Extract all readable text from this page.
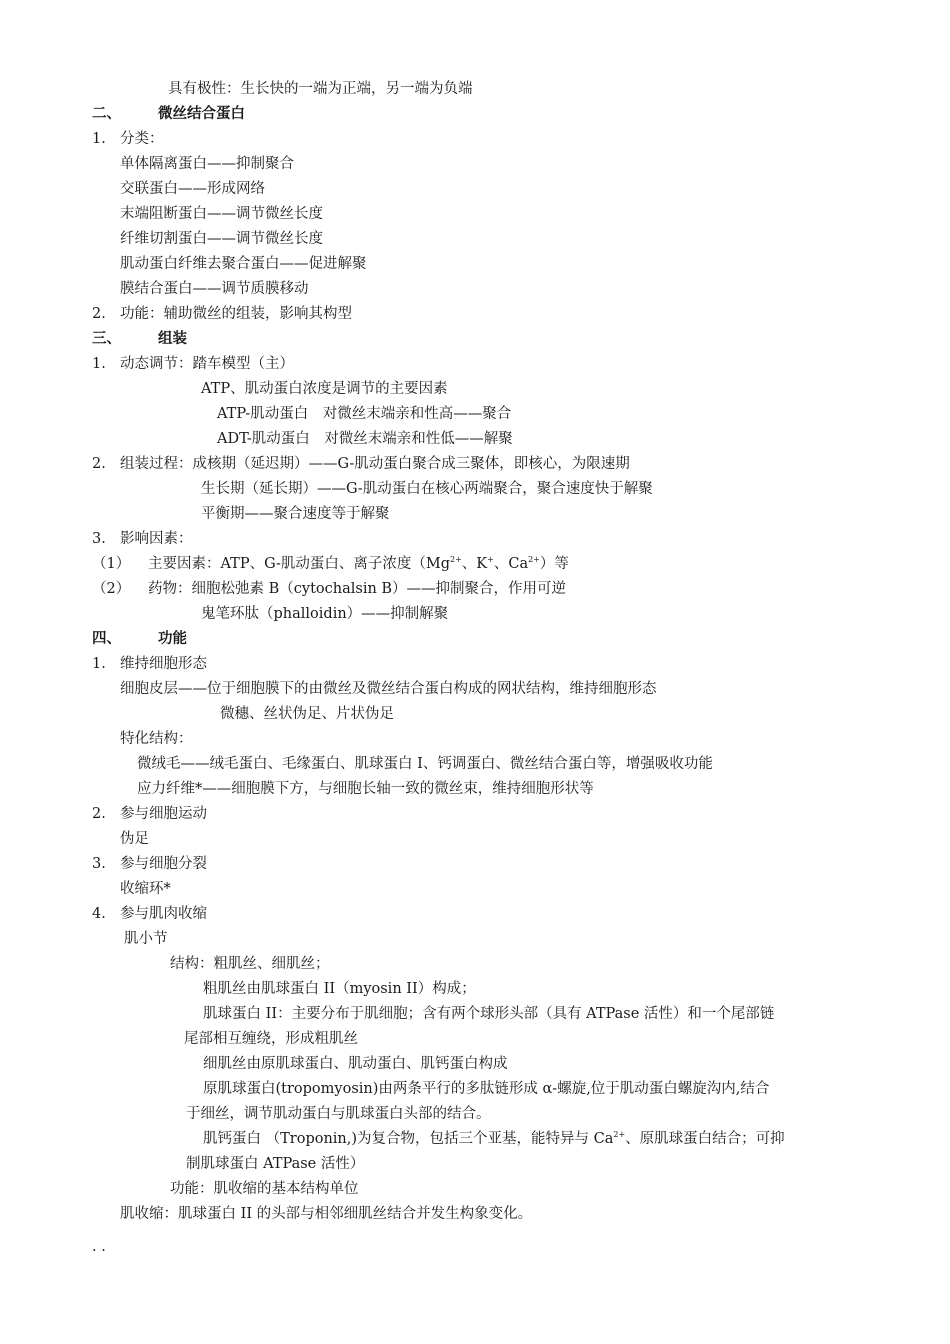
具有极性：生长快的一端为正端，另一端为负端
二、	微丝结合蛋白
1. 分类：
单体隔离蛋白——抑制聚合
交联蛋白——形成网络
末端阻断蛋白——调节微丝长度
纤维切割蛋白——调节微丝长度
肌动蛋白纤维去聚合蛋白——促进解聚
膜结合蛋白——调节质膜移动
2. 功能：辅助微丝的组装，影响其构型
三、	组装
1. 动态调节：踏车模型（主）
ATP、肌动蛋白浓度是调节的主要因素
ATP-肌动蛋白　对微丝末端亲和性高——聚合
ADT-肌动蛋白　对微丝末端亲和性低——解聚
2. 组装过程：成核期（延迟期）——G-肌动蛋白聚合成三聚体，即核心，为限速期
生长期（延长期）——G-肌动蛋白在核心两端聚合，聚合速度快于解聚
平衡期——聚合速度等于解聚
3. 影响因素：
（1） 主要因素：ATP、G-肌动蛋白、离子浓度（$Mg^{2+}$、K+、$Ca^{2+}$）等
（2） 药物：细胞松弛素 B（cytochalsin B）——抑制聚合，作用可逆
鬼笔环肽（phalloidin）——抑制解聚
四、	功能
1. 维持细胞形态
细胞皮层——位于细胞膜下的由微丝及微丝结合蛋白构成的网状结构，维持细胞形态
微穗、丝状伪足、片状伪足
特化结构：
微绒毛——绒毛蛋白、毛缘蛋白、肌球蛋白 I、钙调蛋白、微丝结合蛋白等，增强吸收功能
应力纤维*——细胞膜下方，与细胞长轴一致的微丝束，维持细胞形状等
2. 参与细胞运动
伪足
3. 参与细胞分裂
收缩环*
4. 参与肌肉收缩
肌小节
结构：粗肌丝、细肌丝；
粗肌丝由肌球蛋白 II（myosin II）构成；
肌球蛋白 II：主要分布于肌细胞；含有两个球形头部（具有 ATPase 活性）和一个尾部链
尾部相互缠绕，形成粗肌丝
细肌丝由原肌球蛋白、肌动蛋白、肌钙蛋白构成
原肌球蛋白(tropomyosin)由两条平行的多肽链形成 α-螺旋,位于肌动蛋白螺旋沟内,结合
于细丝，调节肌动蛋白与肌球蛋白头部的结合。
肌钙蛋白 （Troponin,)为复合物，包括三个亚基，能特异与 $Ca^{2+}$、原肌球蛋白结合；可抑
制肌球蛋白 ATPase 活性）
功能：肌收缩的基本结构单位
肌收缩：肌球蛋白 II 的头部与相邻细肌丝结合并发生构象变化。
. .
